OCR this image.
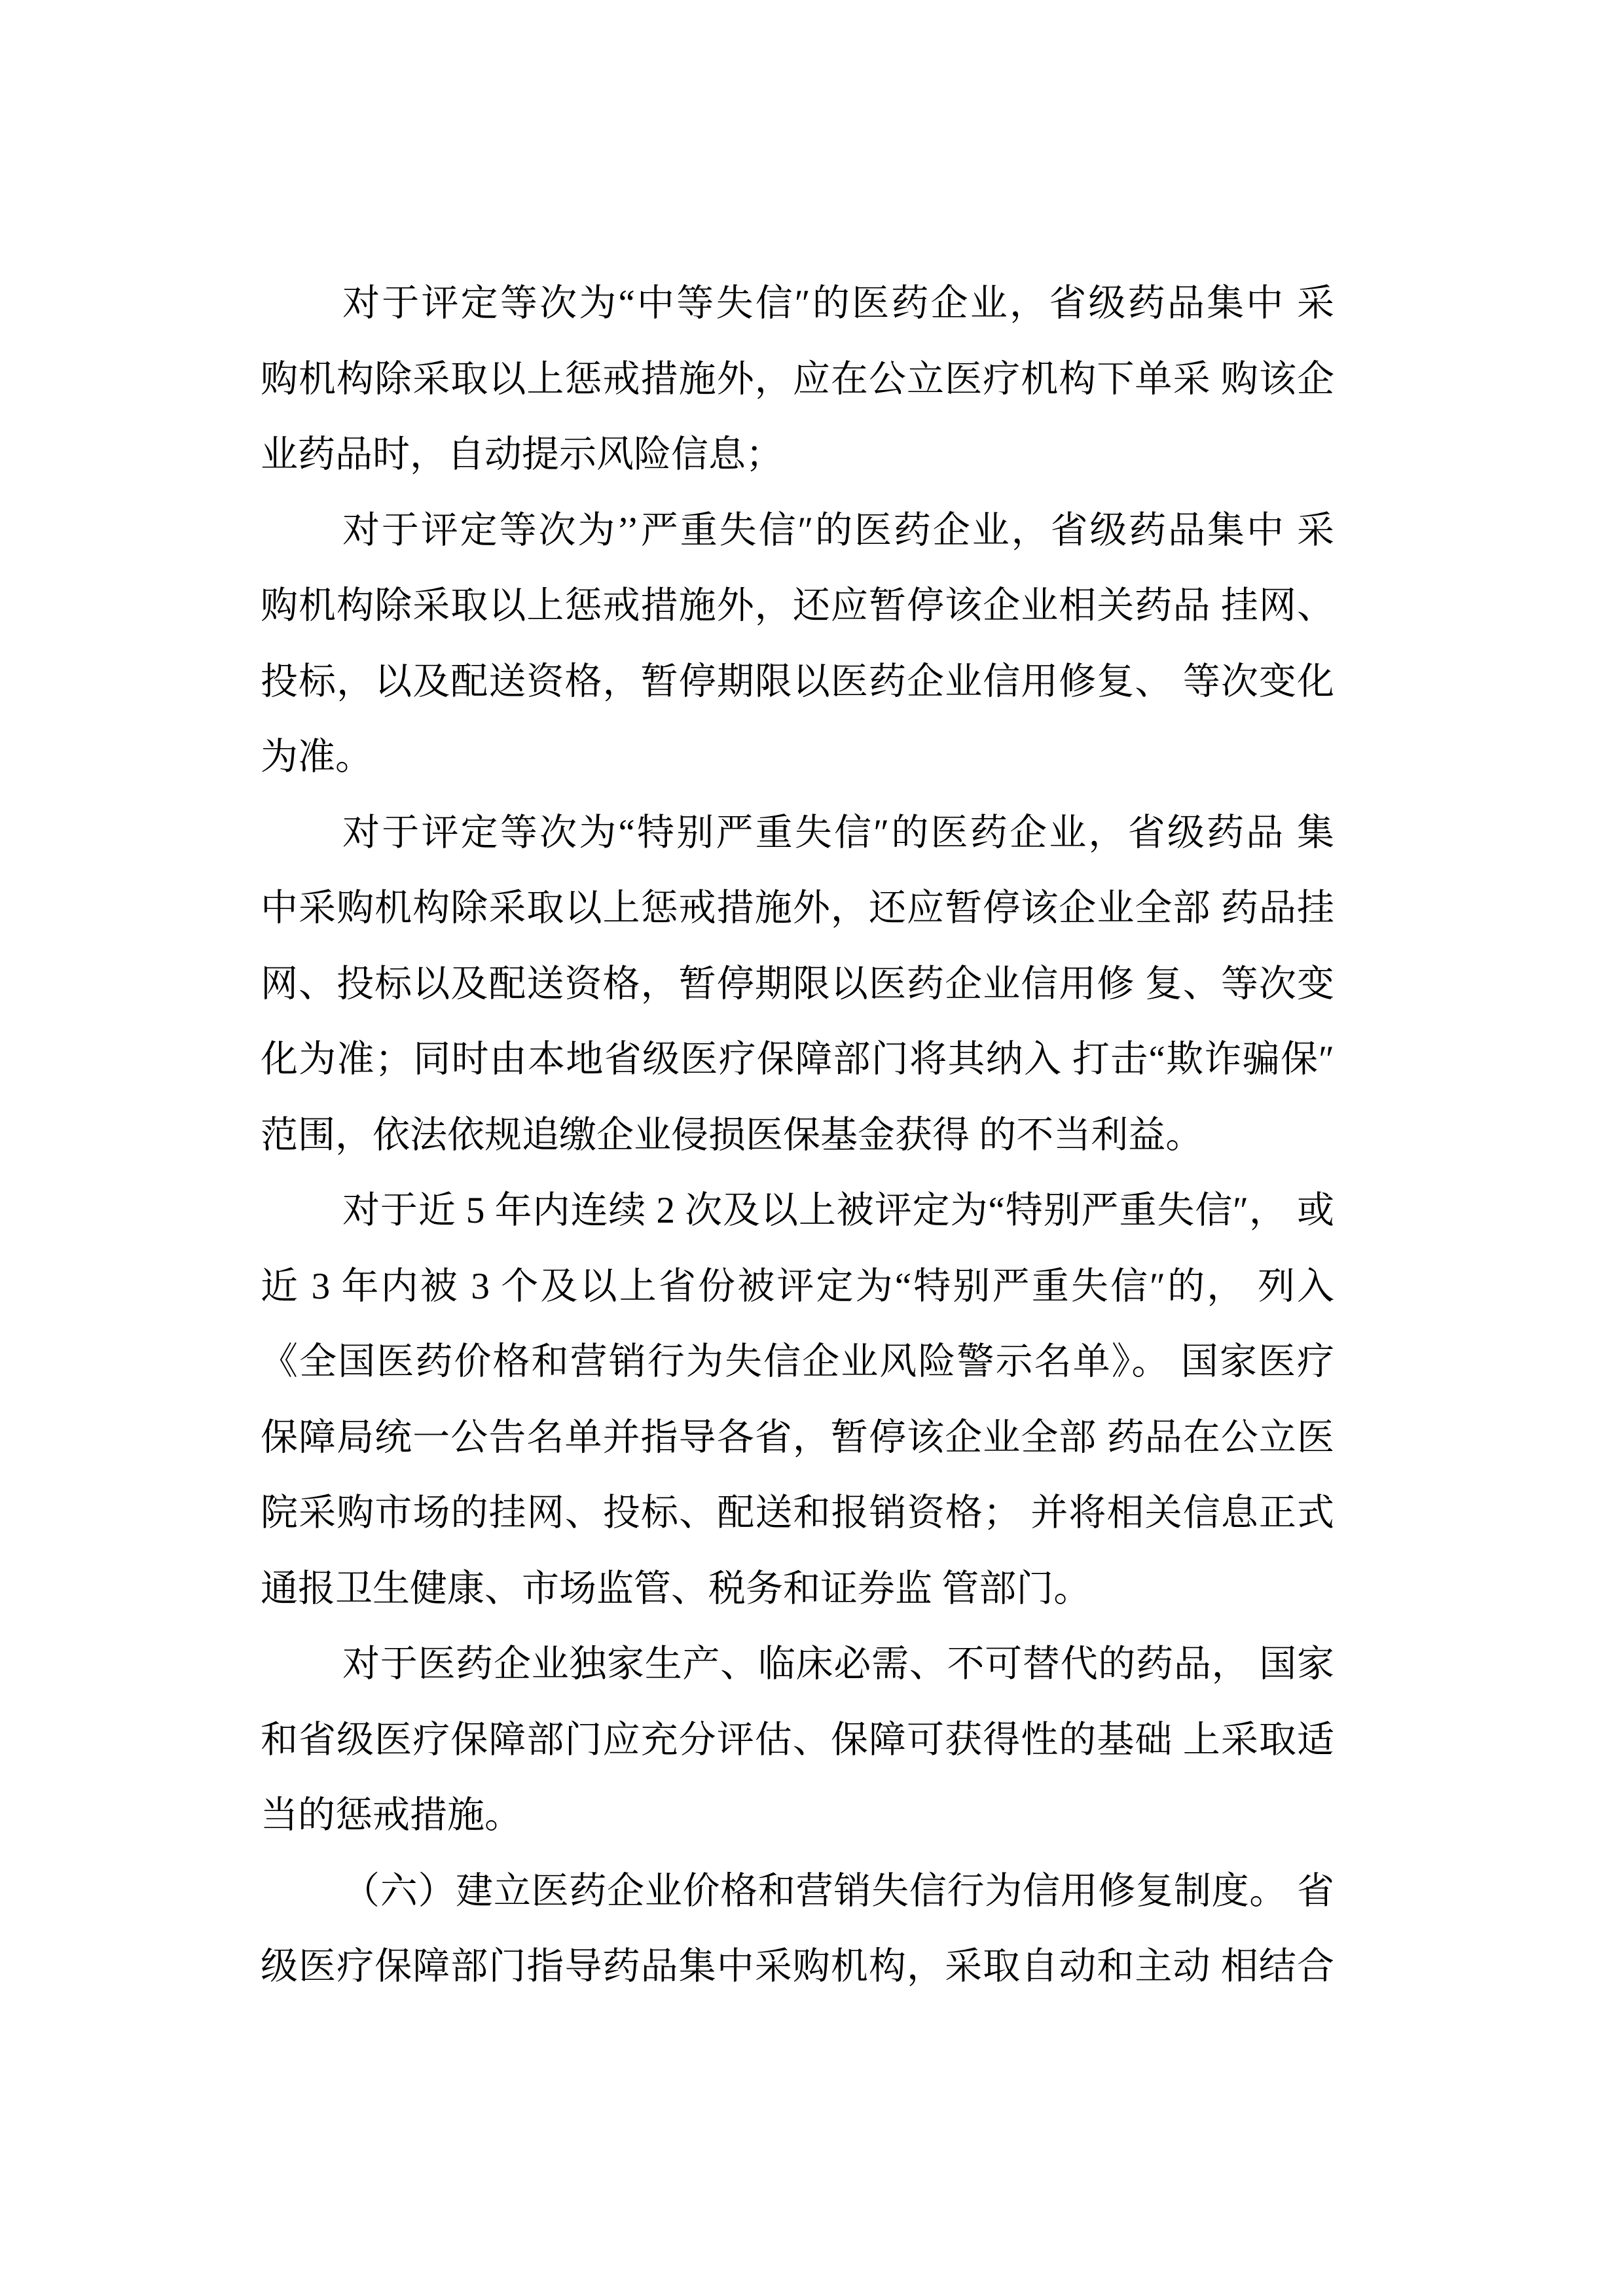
对于评定等次为“中等失信″的医药企业，省级药品集中 采
购机构除采取以上惩戒措施外，应在公立医疗机构下单采 购该企
业药品时，自动提示风险信息；
对于评定等次为’’严重失信″的医药企业，省级药品集中 采
购机构除采取以上惩戒措施外，还应暂停该企业相关药品 挂网、
投标，以及配送资格，暂停期限以医药企业信用修复、 等次变化
为准。
对于评定等次为“特别严重失信″的医药企业，省级药品 集
中采购机构除采取以上惩戒措施外，还应暂停该企业全部 药品挂
网、投标以及配送资格，暂停期限以医药企业信用修 复、等次变
化为准；同时由本地省级医疗保障部门将其纳入 打击“欺诈骗保″
范围，依法依规追缴企业侵损医保基金获得 的不当利益。
对于近 5 年内连续 2 次及以上被评定为“特别严重失信″， 或
近 3 年内被 3 个及以上省份被评定为“特别严重失信″的， 列入
《全国医药价格和营销行为失信企业风险警示名单》。 国家医疗
保障局统一公告名单并指导各省，暂停该企业全部 药品在公立医
院采购市场的挂网、投标、配送和报销资格； 并将相关信息正式
通报卫生健康、市场监管、税务和证券监 管部门。
对于医药企业独家生产、临床必需、不可替代的药品， 国家
和省级医疗保障部门应充分评估、保障可获得性的基础 上采取适
当的惩戒措施。
（六）建立医药企业价格和营销失信行为信用修复制度。 省
级医疗保障部门指导药品集中采购机构，采取自动和主动 相结合
